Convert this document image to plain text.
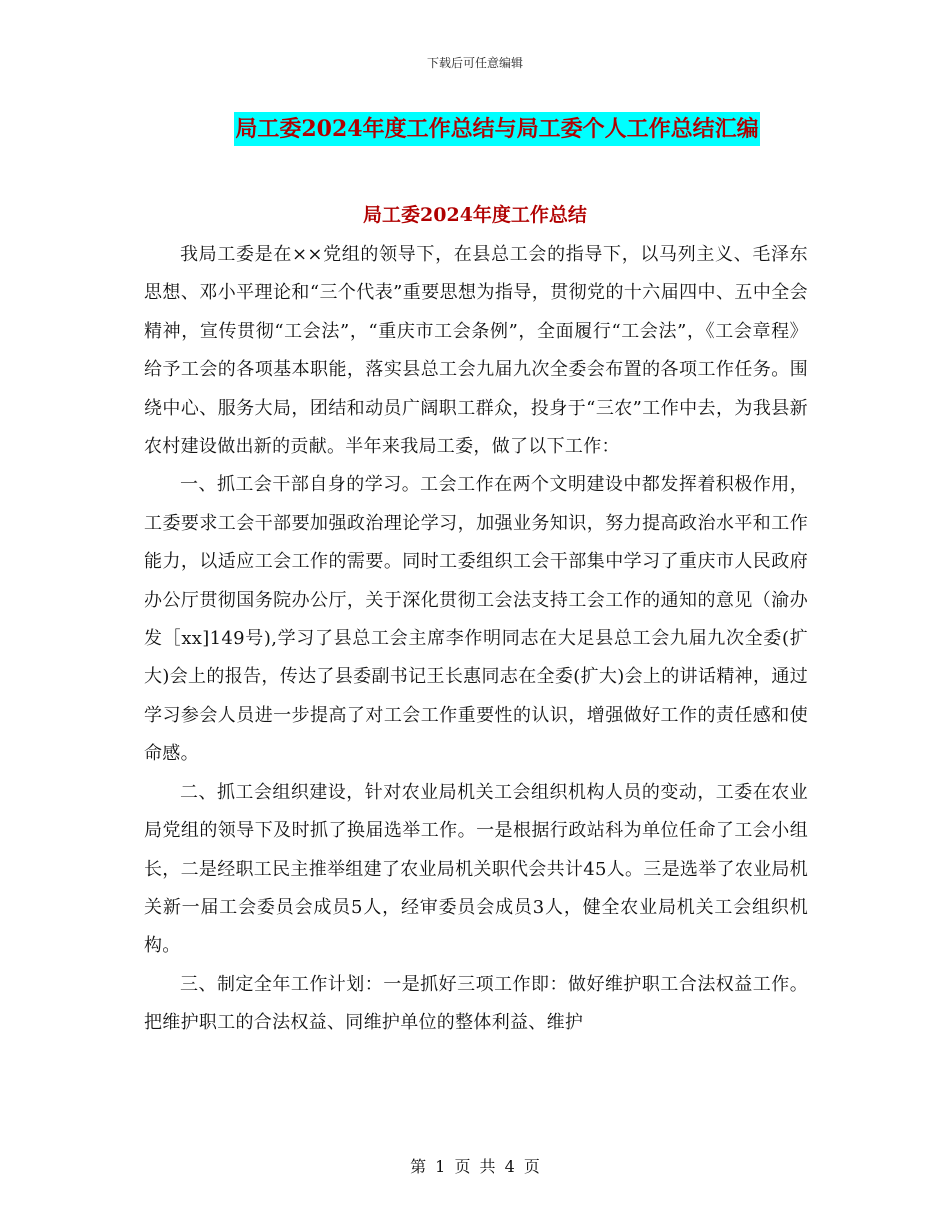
下载后可任意编辑
局工委2024年度工作总结与局工委个人工作总结汇编
局工委2024年度工作总结

我局工委是在××党组的领导下，在县总工会的指导下，以马列主义、毛泽东思想、邓小平理论和“三个代表”重要思想为指导，贯彻党的十六届四中、五中全会精神，宣传贯彻“工会法”，“重庆市工会条例”，全面履行“工会法”，《工会章程》给予工会的各项基本职能，落实县总工会九届九次全委会布置的各项工作任务。围绕中心、服务大局，团结和动员广阔职工群众，投身于“三农”工作中去，为我县新农村建设做出新的贡献。半年来我局工委，做了以下工作：

一、抓工会干部自身的学习。工会工作在两个文明建设中都发挥着积极作用，工委要求工会干部要加强政治理论学习，加强业务知识，努力提高政治水平和工作能力，以适应工会工作的需要。同时工委组织工会干部集中学习了重庆市人民政府办公厅贯彻国务院办公厅，关于深化贯彻工会法支持工会工作的通知的意见（渝办发［xx]149号),学习了县总工会主席李作明同志在大足县总工会九届九次全委(扩大)会上的报告，传达了县委副书记王长惠同志在全委(扩大)会上的讲话精神，通过学习参会人员进一步提高了对工会工作重要性的认识，增强做好工作的责任感和使命感。

二、抓工会组织建设，针对农业局机关工会组织机构人员的变动，工委在农业局党组的领导下及时抓了换届选举工作。一是根据行政站科为单位任命了工会小组长，二是经职工民主推举组建了农业局机关职代会共计45人。三是选举了农业局机关新一届工会委员会成员5人，经审委员会成员3人，健全农业局机关工会组织机构。

三、制定全年工作计划：一是抓好三项工作即：做好维护职工合法权益工作。把维护职工的合法权益、同维护单位的整体利益、维护

第 1 页 共 4 页
